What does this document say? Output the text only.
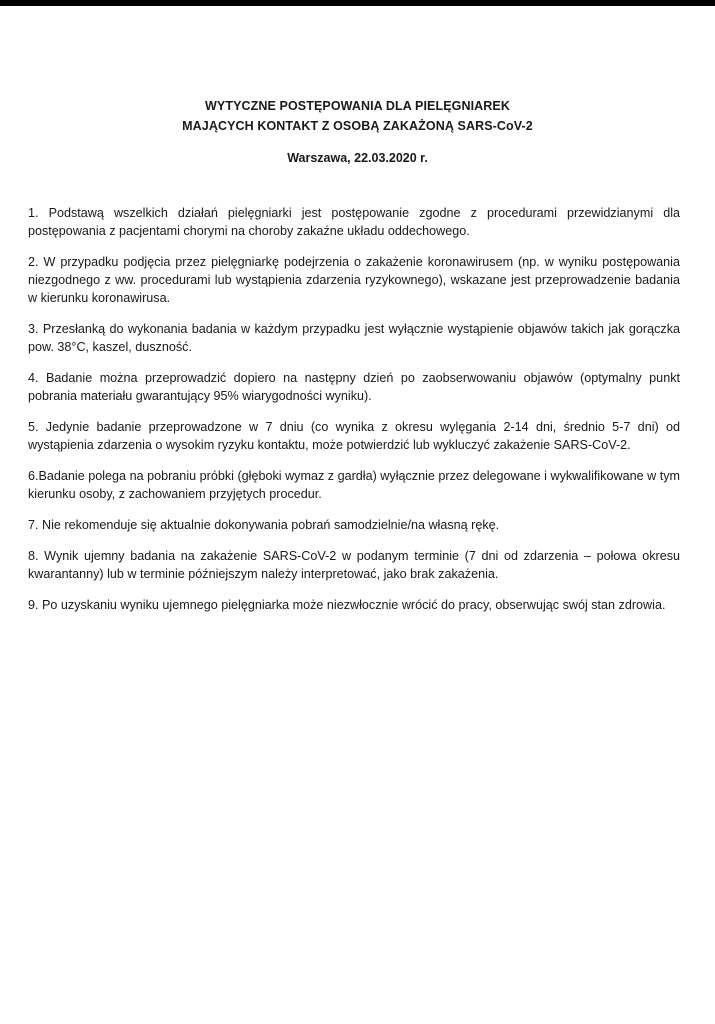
WYTYCZNE POSTĘPOWANIA DLA PIELĘGNIAREK
MAJĄCYCH KONTAKT Z OSOBĄ ZAKAŻONĄ SARS-CoV-2
Warszawa, 22.03.2020 r.

1. Podstawą wszelkich działań pielęgniarki jest postępowanie zgodne z procedurami przewidzianymi dla postępowania z pacjentami chorymi na choroby zakaźne układu oddechowego.

2. W przypadku podjęcia przez pielęgniarkę podejrzenia o zakażenie koronawirusem (np. w wyniku postępowania niezgodnego z ww. procedurami lub wystąpienia zdarzenia ryzykownego), wskazane jest przeprowadzenie badania w kierunku koronawirusa.

3. Przesłanką do wykonania badania w każdym przypadku jest wyłącznie wystąpienie objawów takich jak gorączka pow. 38°C, kaszel, duszność.

4. Badanie można przeprowadzić dopiero na następny dzień po zaobserwowaniu objawów (optymalny punkt pobrania materiału gwarantujący 95% wiarygodności wyniku).

5. Jedynie badanie przeprowadzone w 7 dniu (co wynika z okresu wylęgania 2-14 dni, średnio 5-7 dni) od wystąpienia zdarzenia o wysokim ryzyku kontaktu, może potwierdzić lub wykluczyć zakażenie SARS-CoV-2.

6.Badanie polega na pobraniu próbki (głęboki wymaz z gardła) wyłącznie przez delegowane i wykwalifikowane w tym kierunku osoby, z zachowaniem przyjętych procedur.

7. Nie rekomenduje się aktualnie dokonywania pobrań samodzielnie/na własną rękę.

8. Wynik ujemny badania na zakażenie SARS-CoV-2 w podanym terminie (7 dni od zdarzenia – połowa okresu kwarantanny) lub w terminie późniejszym należy interpretować, jako brak zakażenia.

9. Po uzyskaniu wyniku ujemnego pielęgniarka może niezwłocznie wrócić do pracy, obserwując swój stan zdrowia.
